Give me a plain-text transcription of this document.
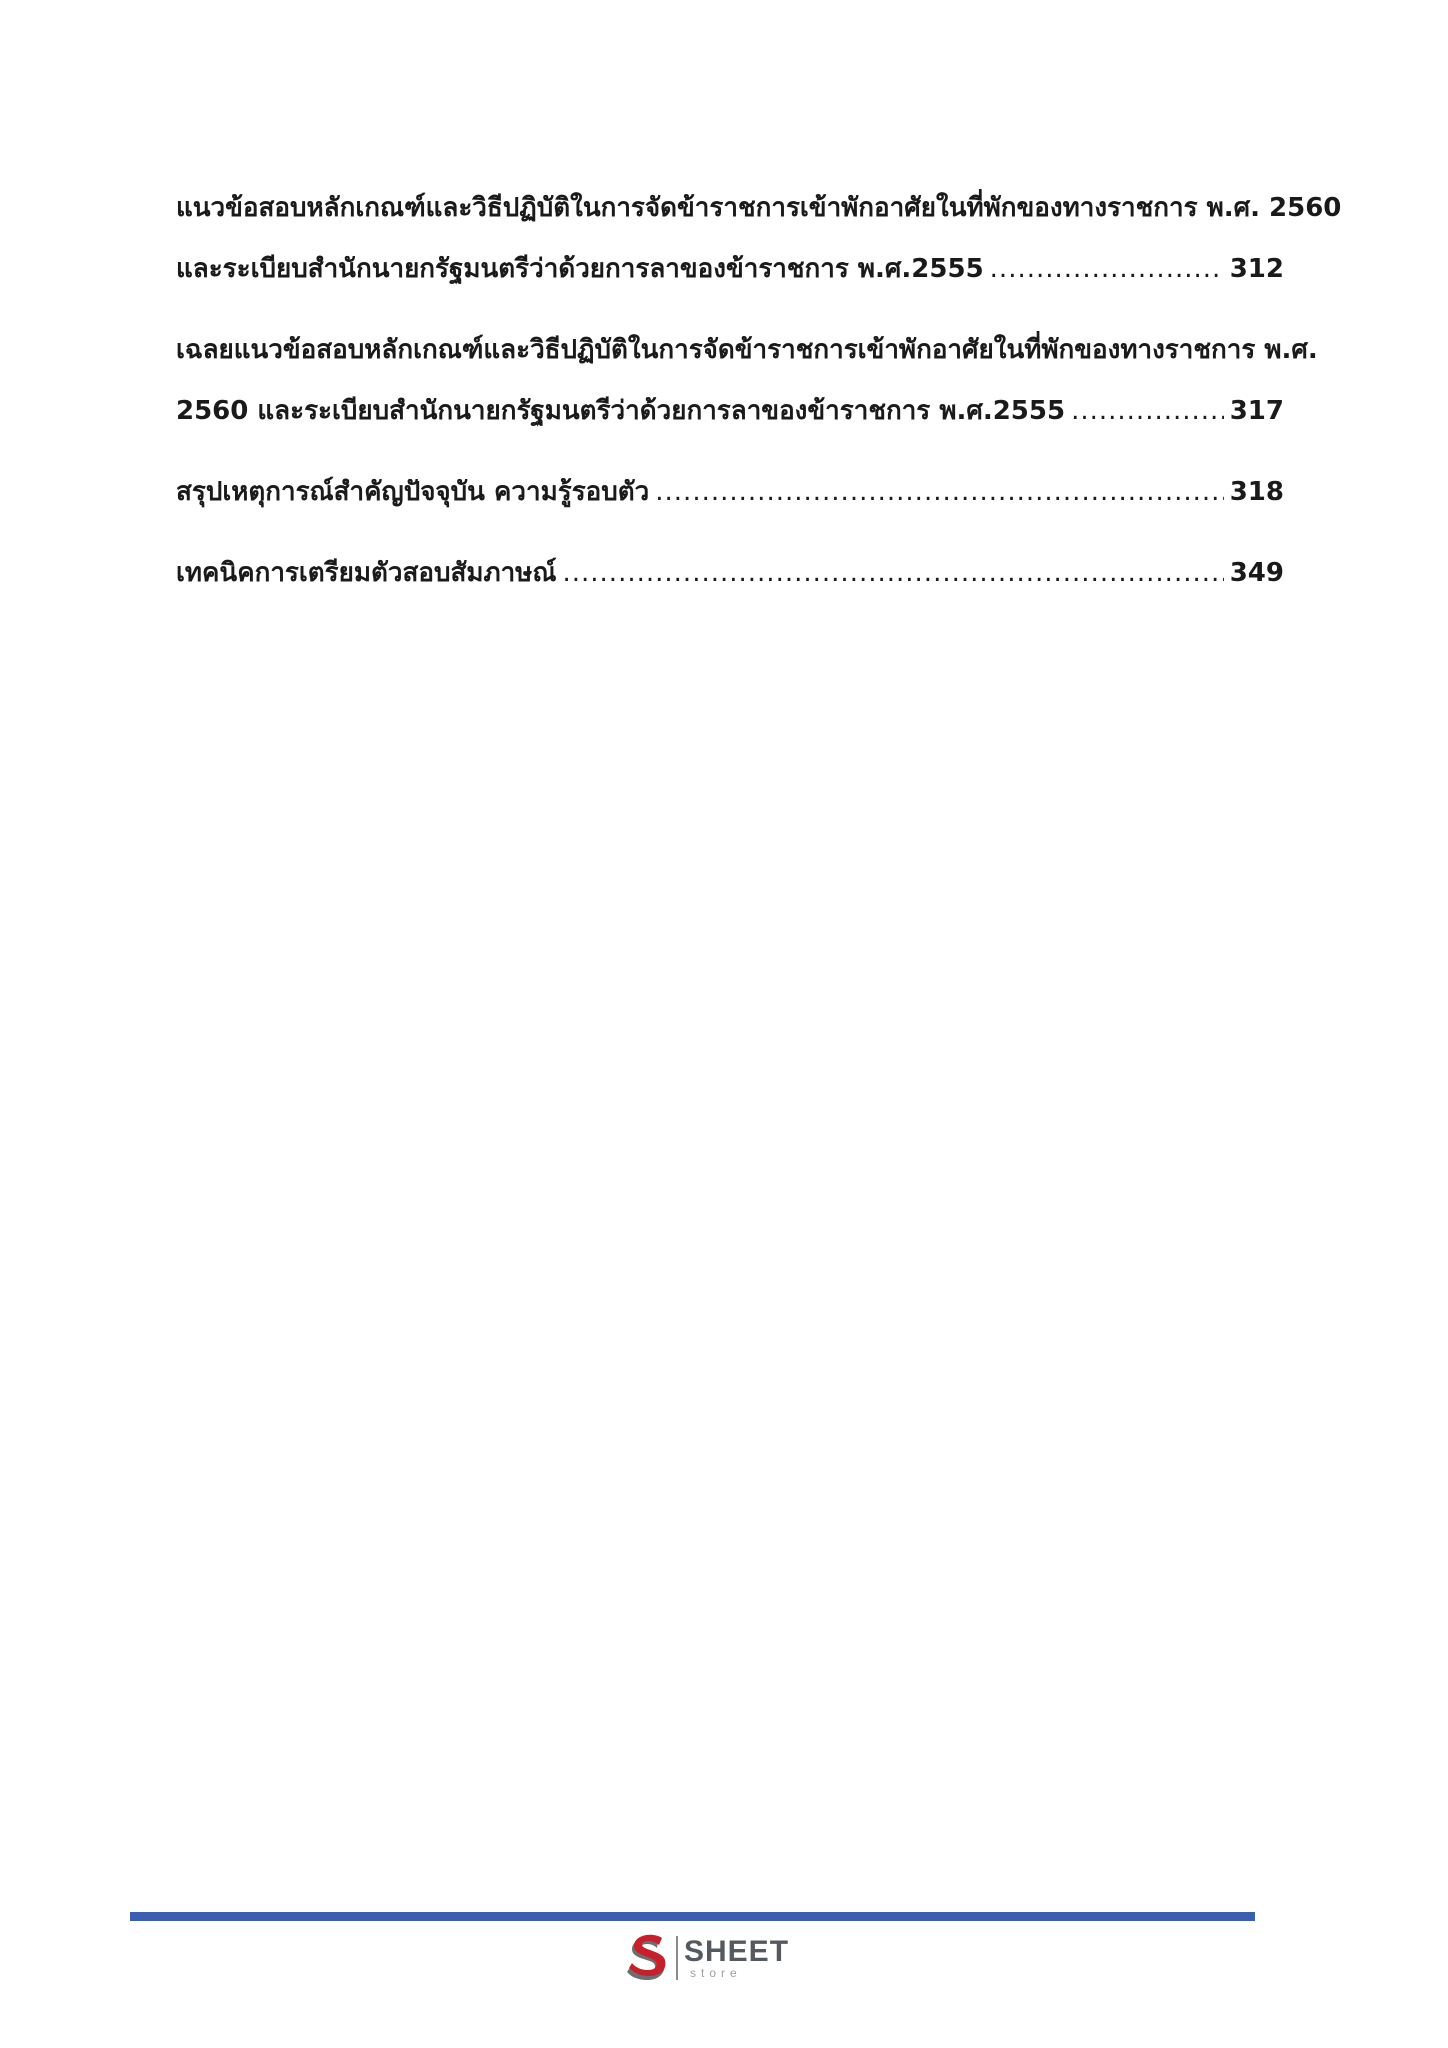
แนวข้อสอบหลักเกณฑ์และวิธีปฏิบัติในการจัดข้าราชการเข้าพักอาศัยในที่พักของทางราชการ พ.ศ. 2560
และระเบียบสำนักนายกรัฐมนตรีว่าด้วยการลาของข้าราชการ พ.ศ.2555 .....	312
เฉลยแนวข้อสอบหลักเกณฑ์และวิธีปฏิบัติในการจัดข้าราชการเข้าพักอาศัยในที่พักของทางราชการ พ.ศ.
2560 และระเบียบสำนักนายกรัฐมนตรีว่าด้วยการลาของข้าราชการ พ.ศ.2555 .....	317
สรุปเหตุการณ์สำคัญปัจจุบัน ความรู้รอบตัว .....	318
เทคนิคการเตรียมตัวสอบสัมภาษณ์ .....	349
SHEET
store
